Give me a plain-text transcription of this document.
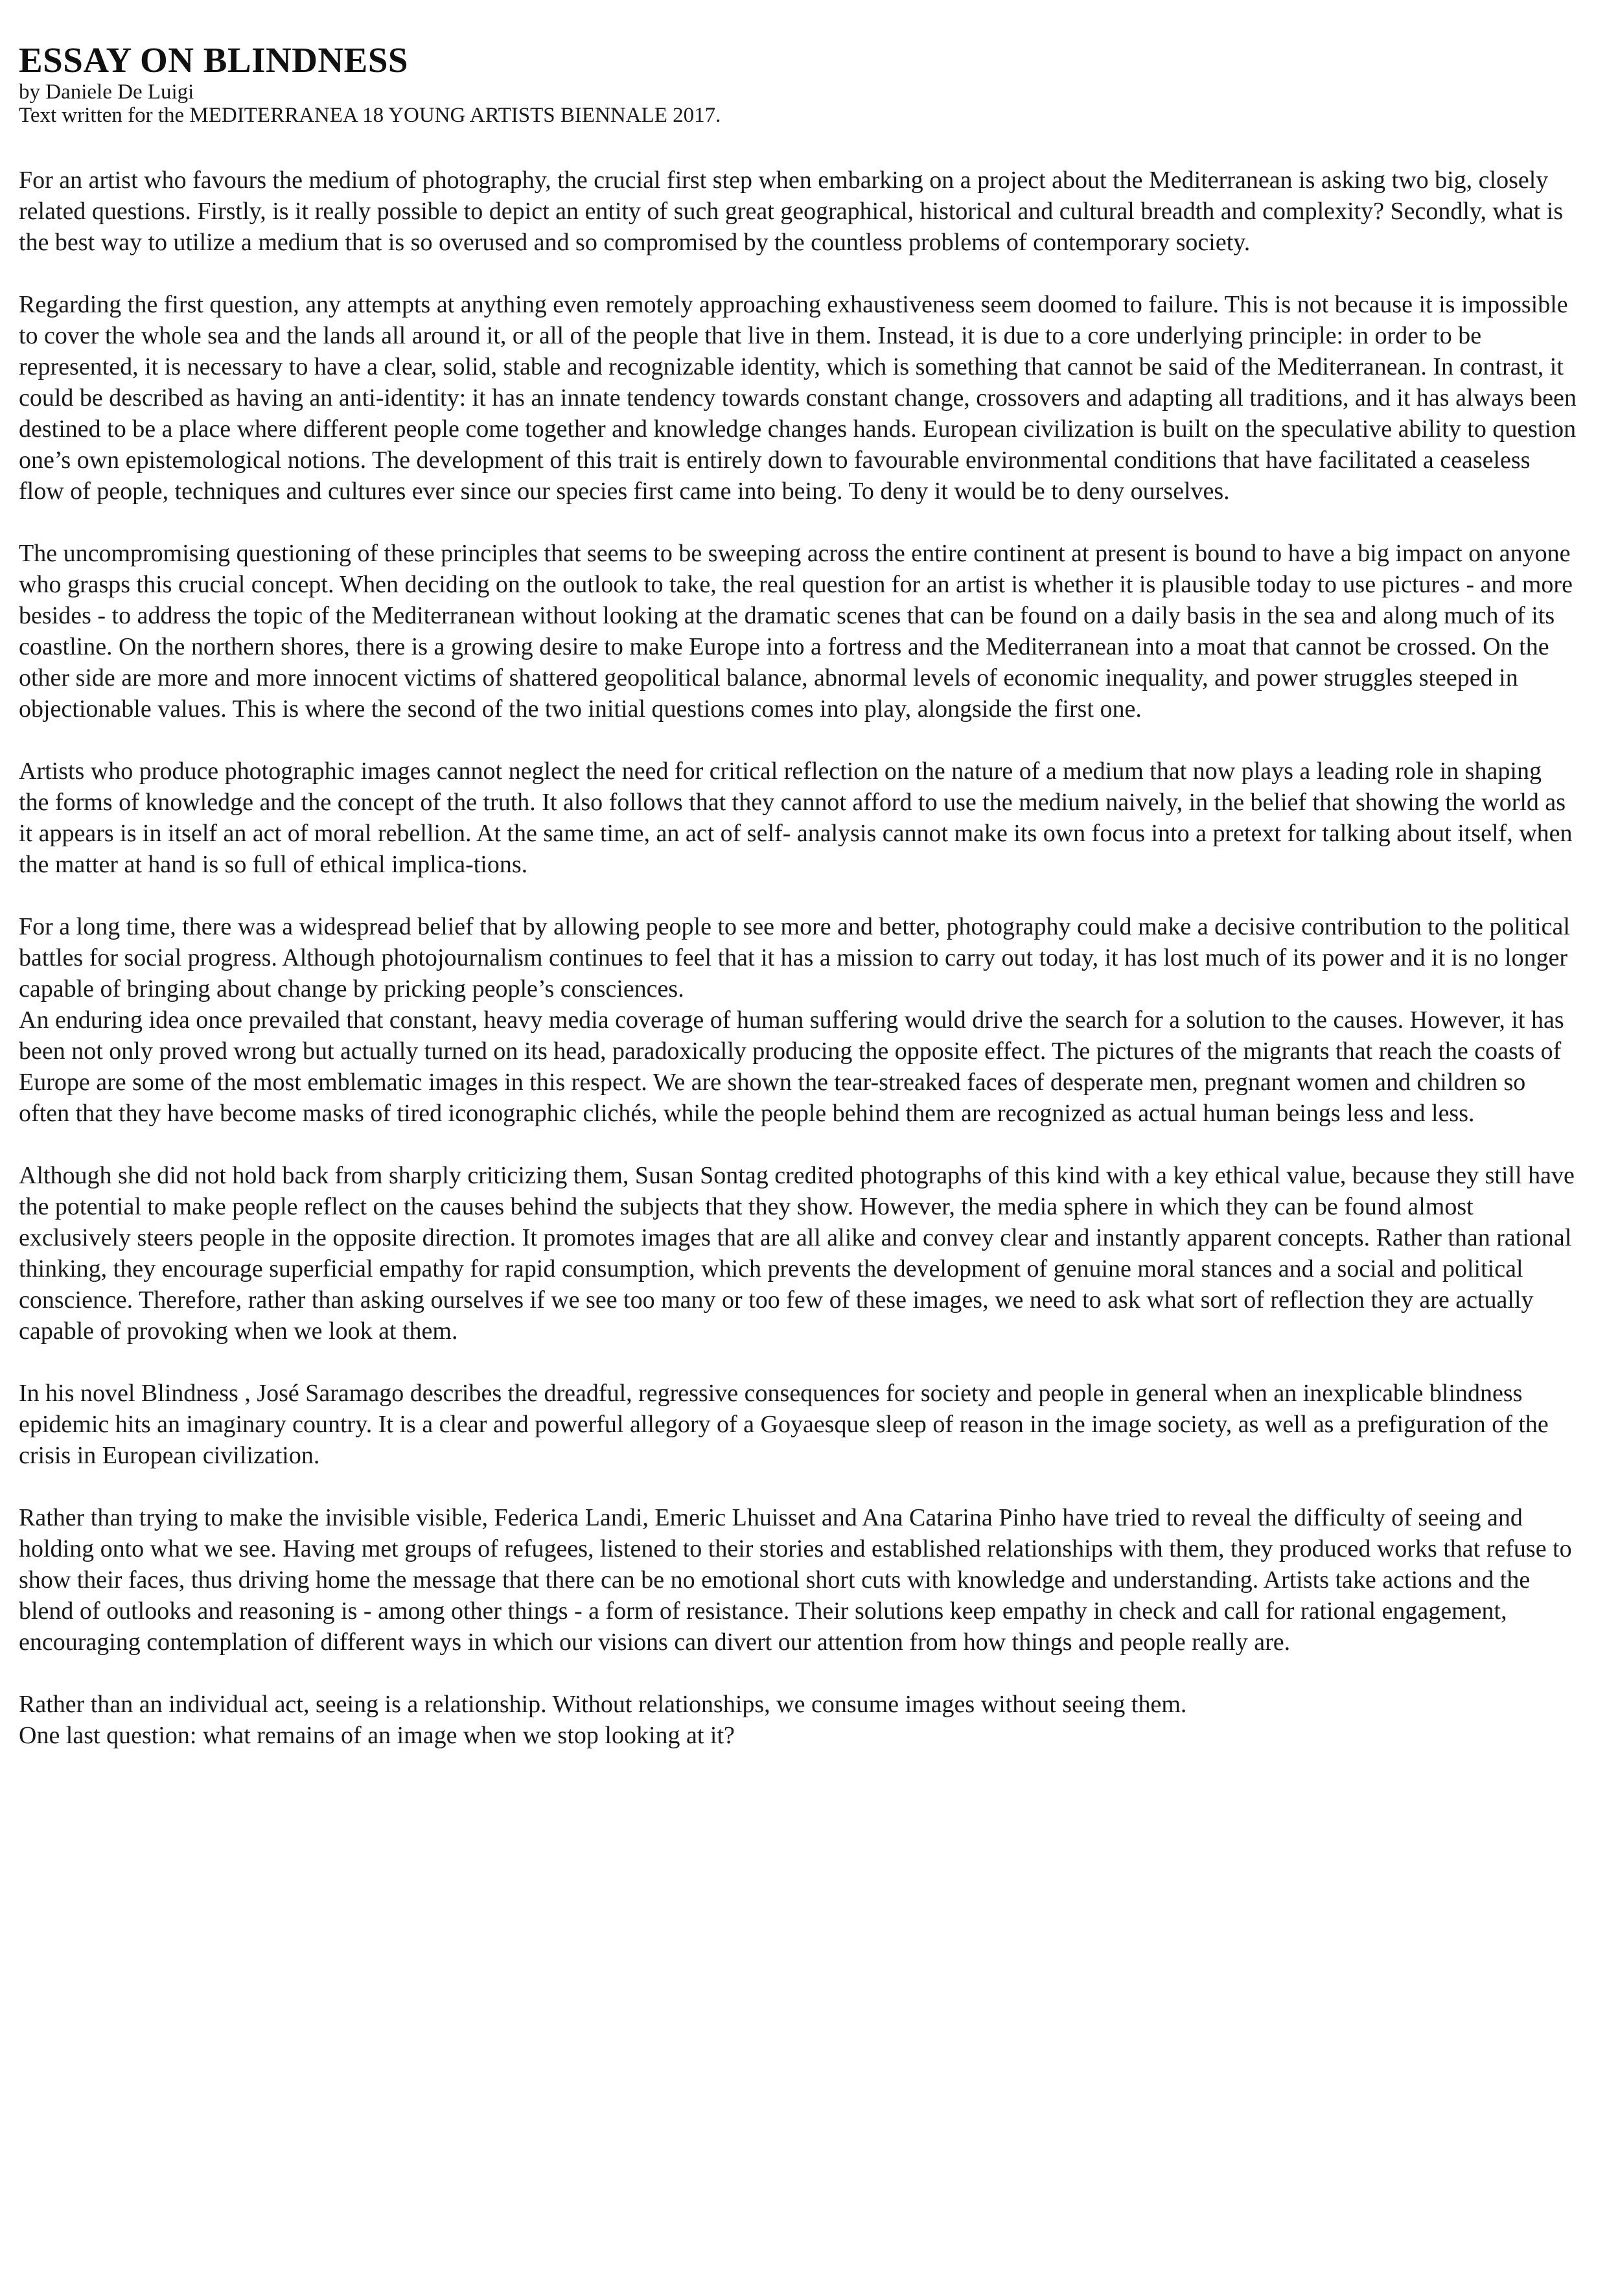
ESSAY ON BLINDNESS

by Daniele De Luigi

Text written for the MEDITERRANEA 18 YOUNG ARTISTS BIENNALE 2017.

For an artist who favours the medium of photography, the crucial first step when embarking on a project about the Mediterranean is asking two big, closely related questions. Firstly, is it really possible to depict an entity of such great geographical, historical and cultural breadth and complexity? Secondly, what is the best way to utilize a medium that is so overused and so compromised by the countless problems of contemporary society.

Regarding the first question, any attempts at anything even remotely approaching exhaustiveness seem doomed to failure. This is not because it is impossible to cover the whole sea and the lands all around it, or all of the people that live in them. Instead, it is due to a core underlying principle: in order to be represented, it is necessary to have a clear, solid, stable and recognizable identity, which is something that cannot be said of the Mediterranean. In contrast, it could be described as having an anti-identity: it has an innate tendency towards constant change, crossovers and adapting all traditions, and it has always been destined to be a place where different people come together and knowledge changes hands. European civilization is built on the speculative ability to question one’s own epistemological notions. The development of this trait is entirely down to favourable environmental conditions that have facilitated a ceaseless flow of people, techniques and cultures ever since our species first came into being. To deny it would be to deny ourselves.

The uncompromising questioning of these principles that seems to be sweeping across the entire continent at present is bound to have a big impact on anyone who grasps this crucial concept. When deciding on the outlook to take, the real question for an artist is whether it is plausible today to use pictures - and more besides - to address the topic of the Mediterranean without looking at the dramatic scenes that can be found on a daily basis in the sea and along much of its coastline. On the northern shores, there is a growing desire to make Europe into a fortress and the Mediterranean into a moat that cannot be crossed. On the other side are more and more innocent victims of shattered geopolitical balance, abnormal levels of economic inequality, and power struggles steeped in objectionable values. This is where the second of the two initial questions comes into play, alongside the first one.

Artists who produce photographic images cannot neglect the need for critical reflection on the nature of a medium that now plays a leading role in shaping the forms of knowledge and the concept of the truth. It also follows that they cannot afford to use the medium naively, in the belief that showing the world as it appears is in itself an act of moral rebellion. At the same time, an act of self- analysis cannot make its own focus into a pretext for talking about itself, when the matter at hand is so full of ethical implica-tions.

For a long time, there was a widespread belief that by allowing people to see more and better, photography could make a decisive contribution to the political battles for social progress. Although photojournalism continues to feel that it has a mission to carry out today, it has lost much of its power and it is no longer capable of bringing about change by pricking people’s consciences.
An enduring idea once prevailed that constant, heavy media coverage of human suffering would drive the search for a solution to the causes. However, it has been not only proved wrong but actually turned on its head, paradoxically producing the opposite effect. The pictures of the migrants that reach the coasts of Europe are some of the most emblematic images in this respect. We are shown the tear-streaked faces of desperate men, pregnant women and children so often that they have become masks of tired iconographic clichés, while the people behind them are recognized as actual human beings less and less.

Although she did not hold back from sharply criticizing them, Susan Sontag credited photographs of this kind with a key ethical value, because they still have the potential to make people reflect on the causes behind the subjects that they show. However, the media sphere in which they can be found almost exclusively steers people in the opposite direction. It promotes images that are all alike and convey clear and instantly apparent concepts. Rather than rational thinking, they encourage superficial empathy for rapid consumption, which prevents the development of genuine moral stances and a social and political conscience. Therefore, rather than asking ourselves if we see too many or too few of these images, we need to ask what sort of reflection they are actually capable of provoking when we look at them.

In his novel Blindness , José Saramago describes the dreadful, regressive consequences for society and people in general when an inexplicable blindness epidemic hits an imaginary country. It is a clear and powerful allegory of a Goyaesque sleep of reason in the image society, as well as a prefiguration of the crisis in European civilization.

Rather than trying to make the invisible visible, Federica Landi, Emeric Lhuisset and Ana Catarina Pinho have tried to reveal the difficulty of seeing and holding onto what we see. Having met groups of refugees, listened to their stories and established relationships with them, they produced works that refuse to show their faces, thus driving home the message that there can be no emotional short cuts with knowledge and understanding. Artists take actions and the blend of outlooks and reasoning is - among other things - a form of resistance. Their solutions keep empathy in check and call for rational engagement, encouraging contemplation of different ways in which our visions can divert our attention from how things and people really are.

Rather than an individual act, seeing is a relationship. Without relationships, we consume images without seeing them.
One last question: what remains of an image when we stop looking at it?
